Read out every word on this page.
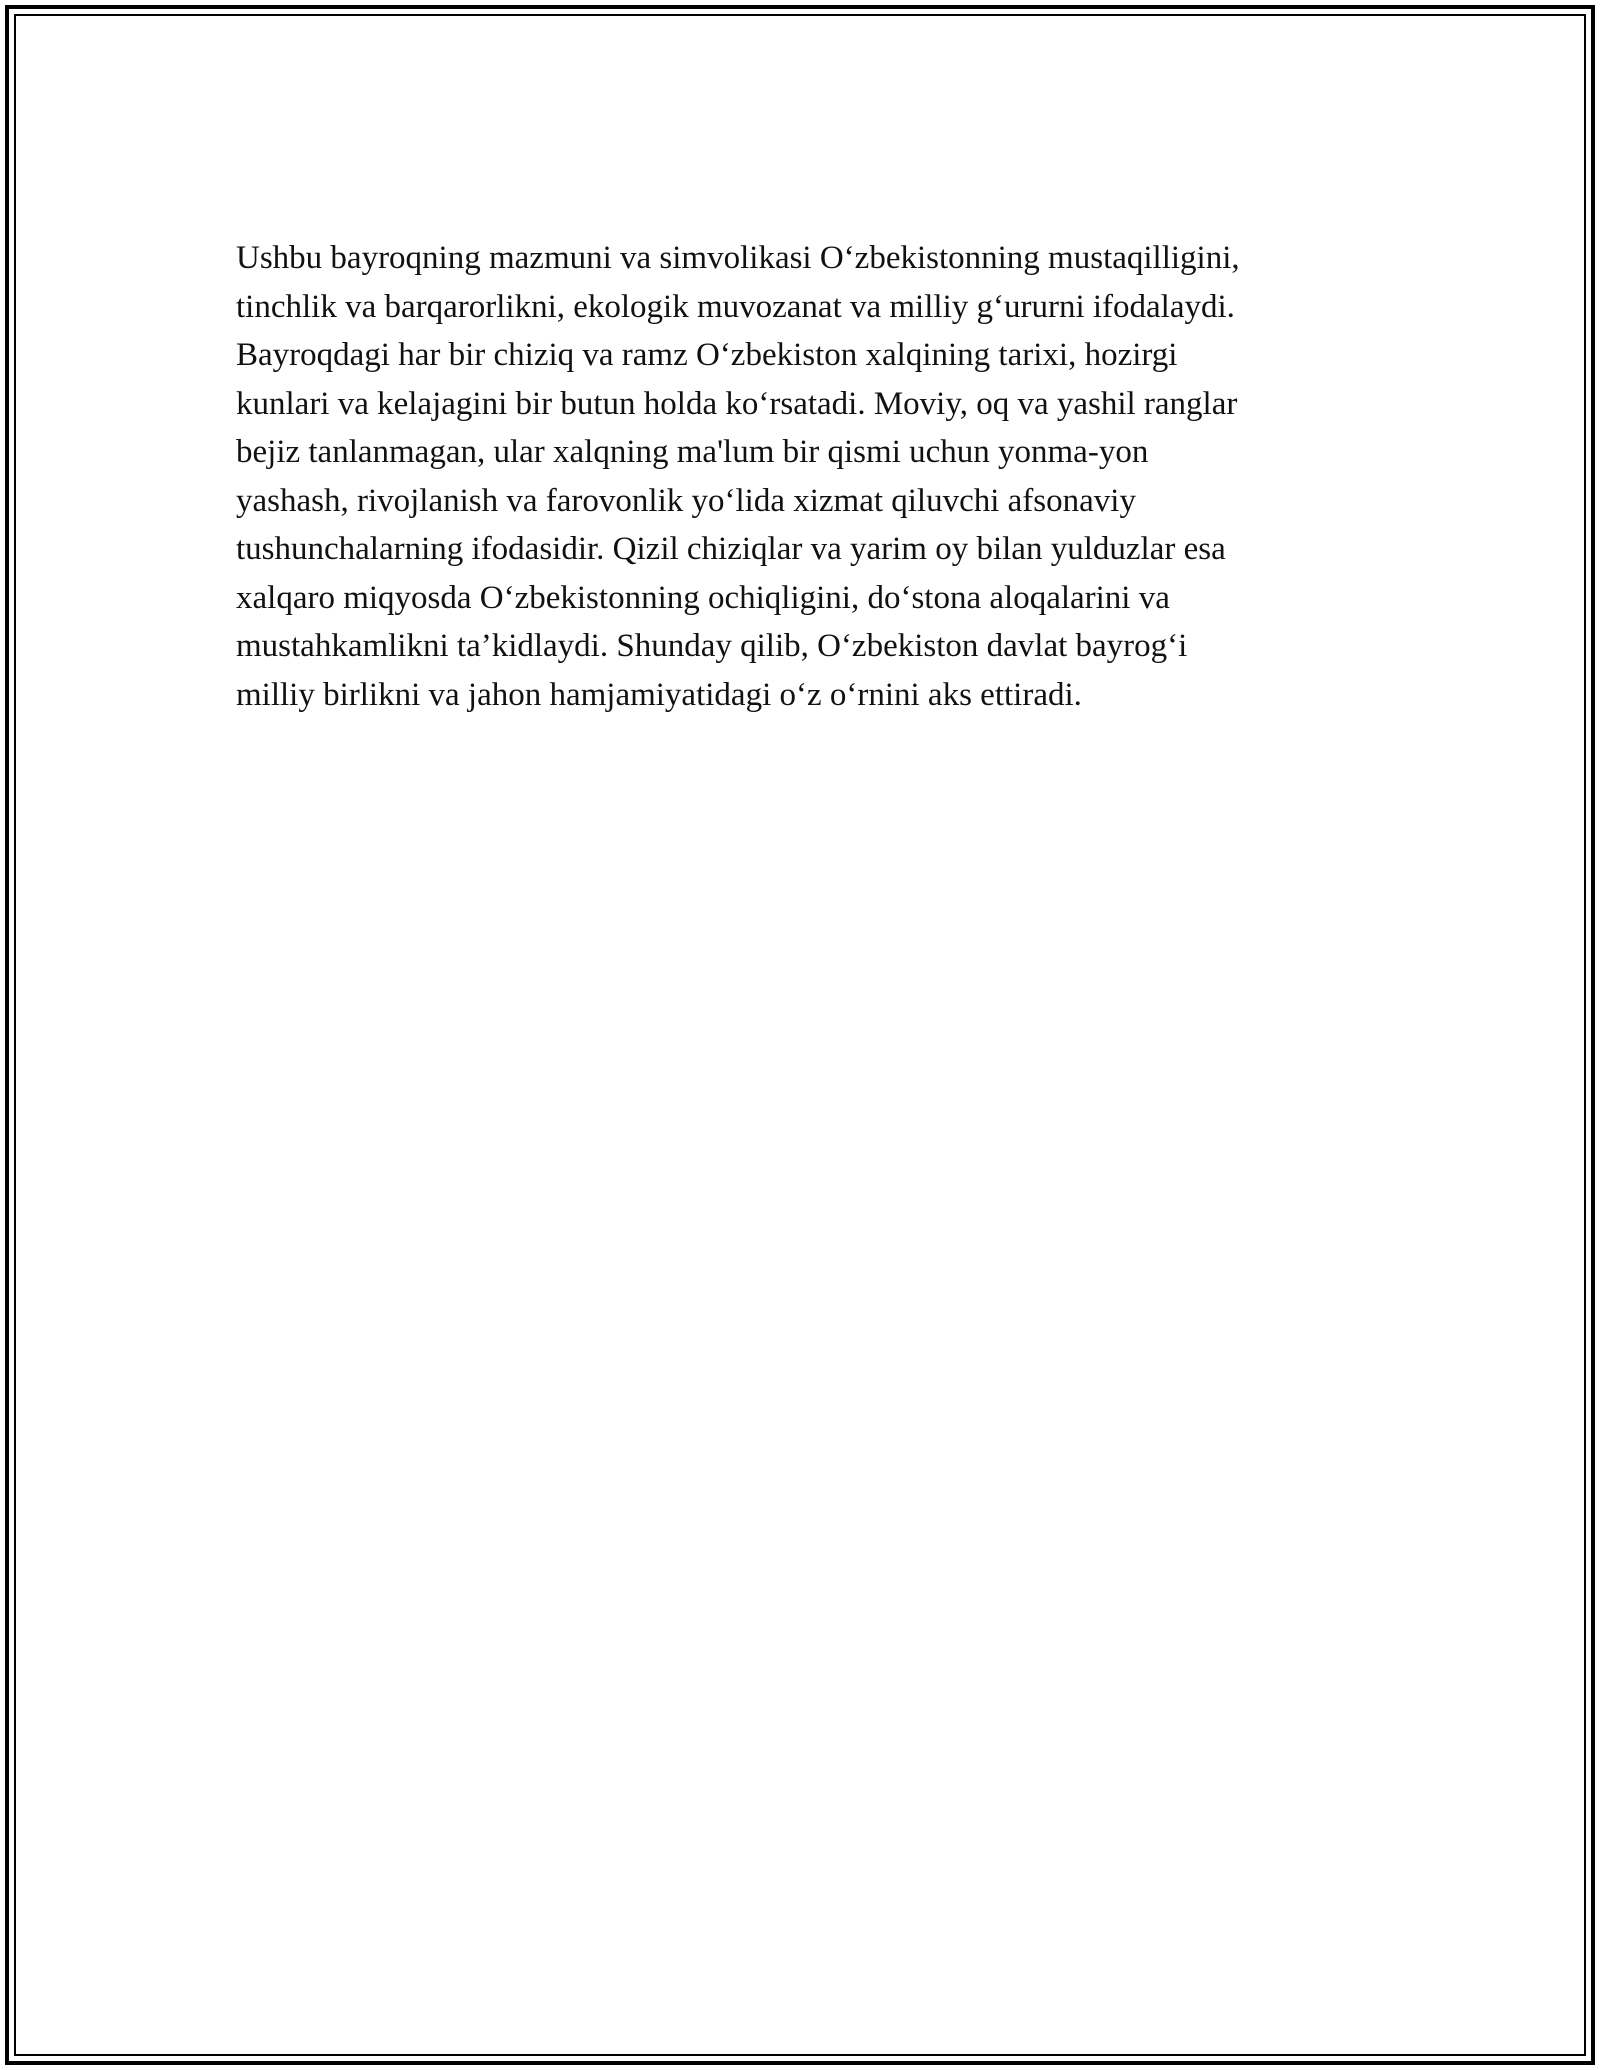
Ushbu bayroqning mazmuni va simvolikasi O‘zbekistonning mustaqilligini,
tinchlik va barqarorlikni, ekologik muvozanat va milliy g‘ururni ifodalaydi.
Bayroqdagi har bir chiziq va ramz O‘zbekiston xalqining tarixi, hozirgi
kunlari va kelajagini bir butun holda ko‘rsatadi. Moviy, oq va yashil ranglar
bejiz tanlanmagan, ular xalqning ma'lum bir qismi uchun yonma-yon
yashash, rivojlanish va farovonlik yo‘lida xizmat qiluvchi afsonaviy
tushunchalarning ifodasidir. Qizil chiziqlar va yarim oy bilan yulduzlar esa
xalqaro miqyosda O‘zbekistonning ochiqligini, do‘stona aloqalarini va
mustahkamlikni ta’kidlaydi. Shunday qilib, O‘zbekiston davlat bayrog‘i
milliy birlikni va jahon hamjamiyatidagi o‘z o‘rnini aks ettiradi.
